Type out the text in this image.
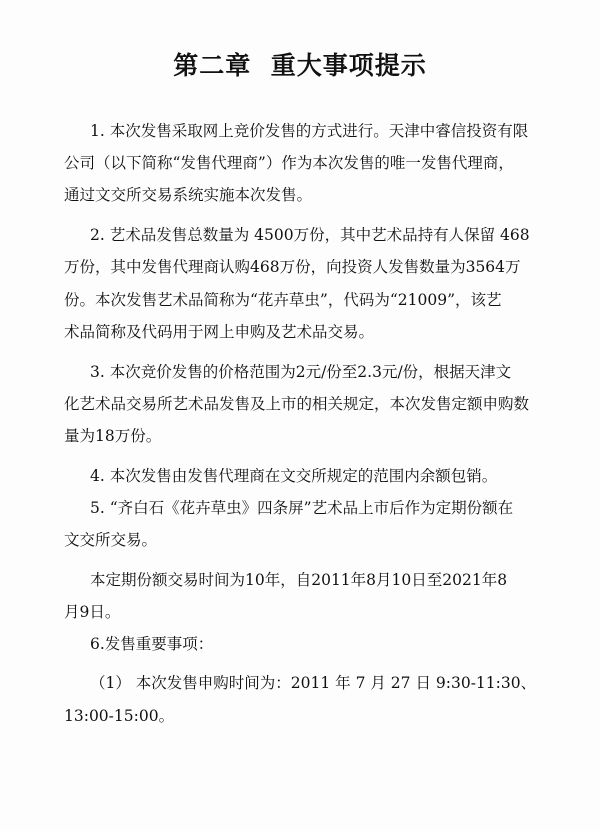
第二章  重大事项提示
1. 本次发售采取网上竞价发售的方式进行。天津中睿信投资有限
公司（以下简称“发售代理商”）作为本次发售的唯一发售代理商，
通过文交所交易系统实施本次发售。
2. 艺术品发售总数量为 4500万份，其中艺术品持有人保留 468
万份，其中发售代理商认购468万份，向投资人发售数量为3564万
份。本次发售艺术品简称为“花卉草虫”，代码为“21009”，该艺
术品简称及代码用于网上申购及艺术品交易。
3. 本次竞价发售的价格范围为2元/份至2.3元/份，根据天津文
化艺术品交易所艺术品发售及上市的相关规定，本次发售定额申购数
量为18万份。
4. 本次发售由发售代理商在文交所规定的范围内余额包销。
5. “齐白石《花卉草虫》四条屏”艺术品上市后作为定期份额在
文交所交易。
本定期份额交易时间为10年，自2011年8月10日至2021年8
月9日。
6.发售重要事项：
（1） 本次发售申购时间为：2011 年 7 月 27 日 9:30-11:30、
13:00-15:00。
